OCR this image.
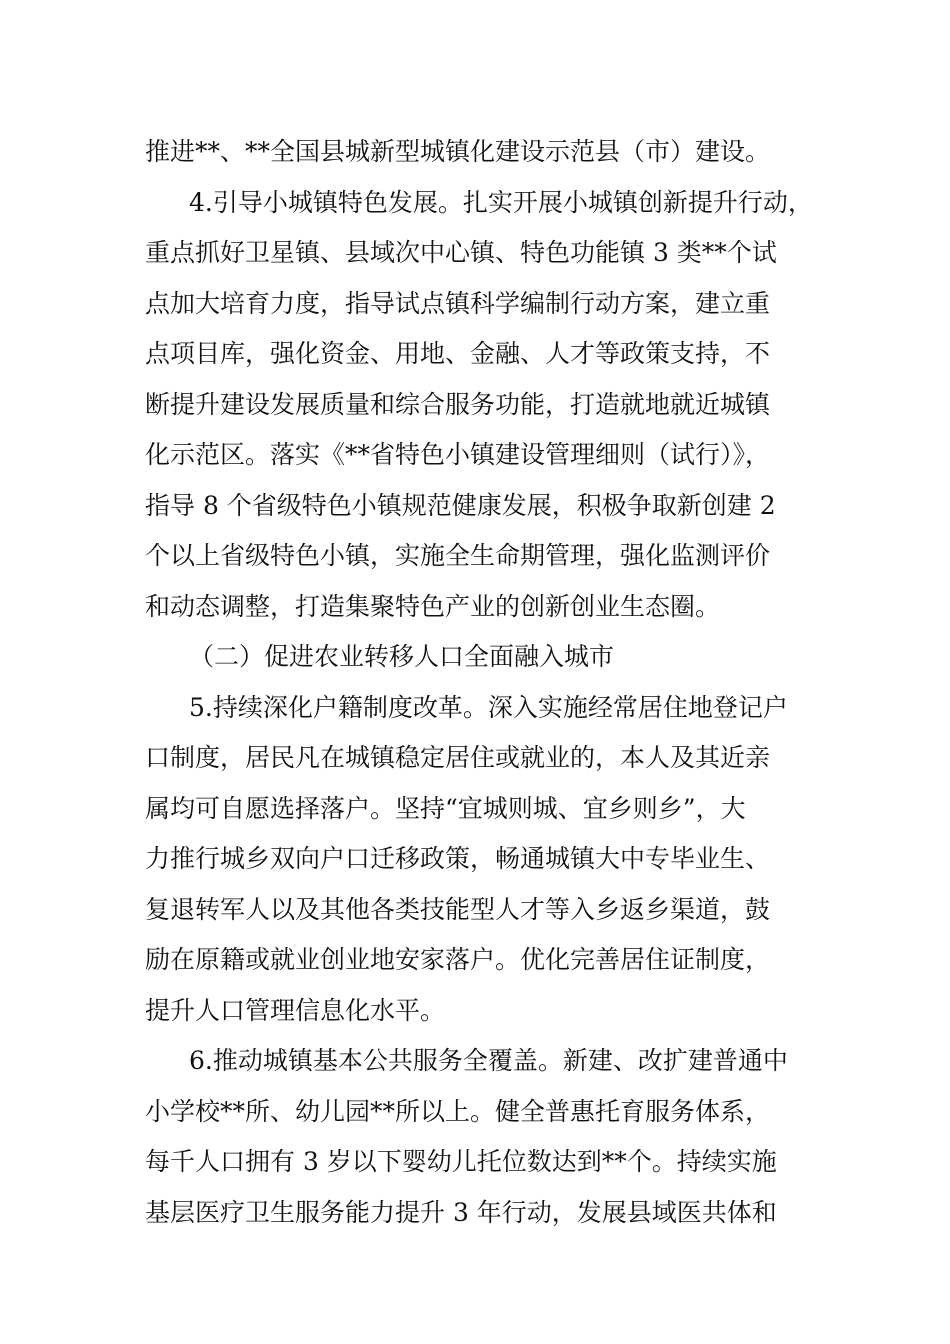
推进**、**全国县城新型城镇化建设示范县（市）建设。
4.引导小城镇特色发展。扎实开展小城镇创新提升行动，
重点抓好卫星镇、县域次中心镇、特色功能镇 3 类**个试
点加大培育力度，指导试点镇科学编制行动方案，建立重
点项目库，强化资金、用地、金融、人才等政策支持，不
断提升建设发展质量和综合服务功能，打造就地就近城镇
化示范区。落实《**省特色小镇建设管理细则（试行）》，
指导 8 个省级特色小镇规范健康发展，积极争取新创建 2
个以上省级特色小镇，实施全生命期管理，强化监测评价
和动态调整，打造集聚特色产业的创新创业生态圈。
（二）促进农业转移人口全面融入城市
5.持续深化户籍制度改革。深入实施经常居住地登记户
口制度，居民凡在城镇稳定居住或就业的，本人及其近亲
属均可自愿选择落户。坚持“宜城则城、宜乡则乡”，大
力推行城乡双向户口迁移政策，畅通城镇大中专毕业生、
复退转军人以及其他各类技能型人才等入乡返乡渠道，鼓
励在原籍或就业创业地安家落户。优化完善居住证制度，
提升人口管理信息化水平。
6.推动城镇基本公共服务全覆盖。新建、改扩建普通中
小学校**所、幼儿园**所以上。健全普惠托育服务体系，
每千人口拥有 3 岁以下婴幼儿托位数达到**个。持续实施
基层医疗卫生服务能力提升 3 年行动，发展县域医共体和
